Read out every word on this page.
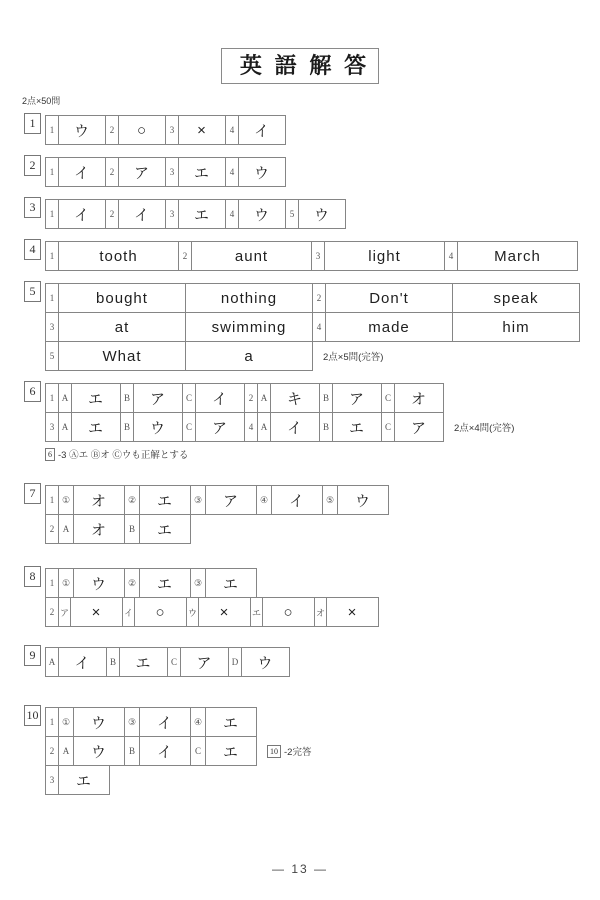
英語解答
2点×50問
1	1	ウ	2	○	3	×	4	イ
2	1	イ	2	ア	3	エ	4	ウ
3	1	イ	2	イ	3	エ	4	ウ	5	ウ
4	1	tooth	2	aunt	3	light	4	March
5	1	bought	nothing	2	Don't	speak
3	at	swimming	4	made	him
5	What	a	2点×5問(完答)
6	1 A	エ	B	ア	C	イ	2 A	キ	B	ア	C	オ
3 A	エ	B	ウ	C	ア	4 A	イ	B	エ	C	ア	2点×4問(完答)
6 -3 Ⓐエ Ⓑオ Ⓒウも正解とする
7	1 ①	オ	②	エ	③	ア	④	イ	⑤	ウ
2 A	オ	B	エ
8	1 ①	ウ	②	エ	③	エ
2 ア	×	イ	○	ウ	×	エ	○	オ	×
9	A	イ	B	エ	C	ア	D	ウ
10	1 ①	ウ	③	イ	④	エ
2 A	ウ	B	イ	C	エ	10 -2完答
3	エ
— 13 —
